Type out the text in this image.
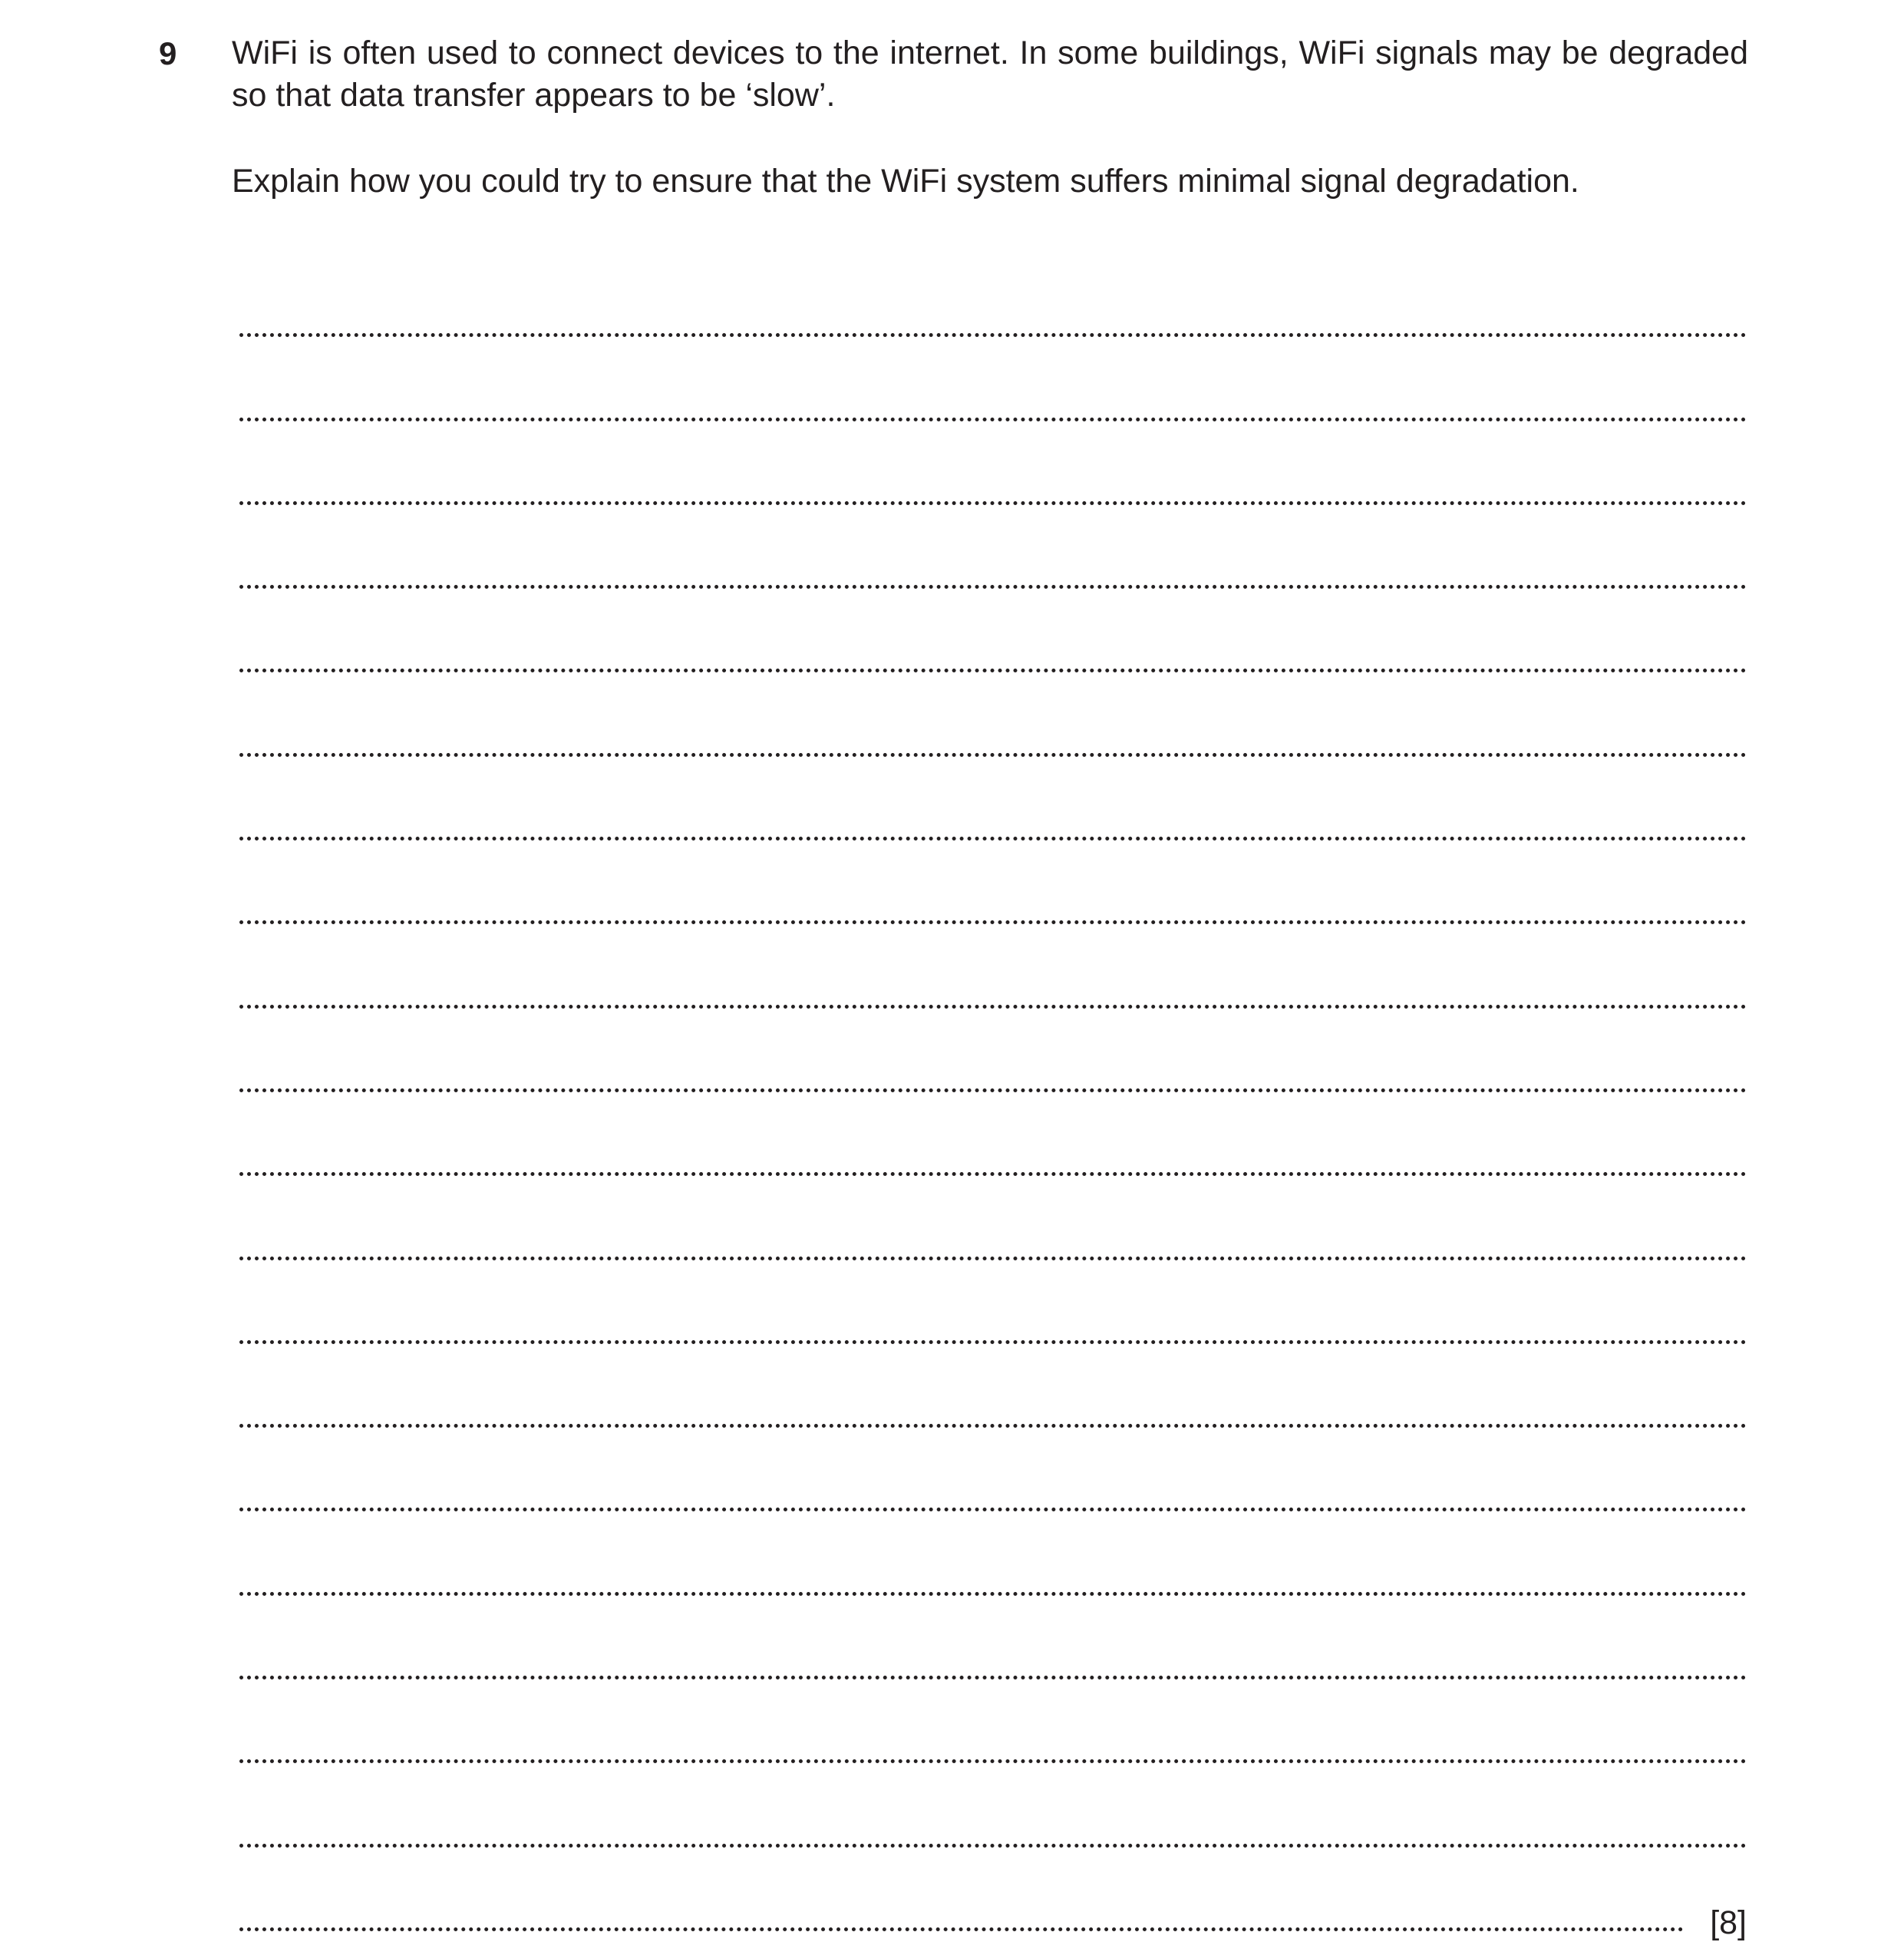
9 WiFi is often used to connect devices to the internet. In some buildings, WiFi signals may be degraded so that data transfer appears to be ‘slow’.

Explain how you could try to ensure that the WiFi system suffers minimal signal degradation.

[8]
